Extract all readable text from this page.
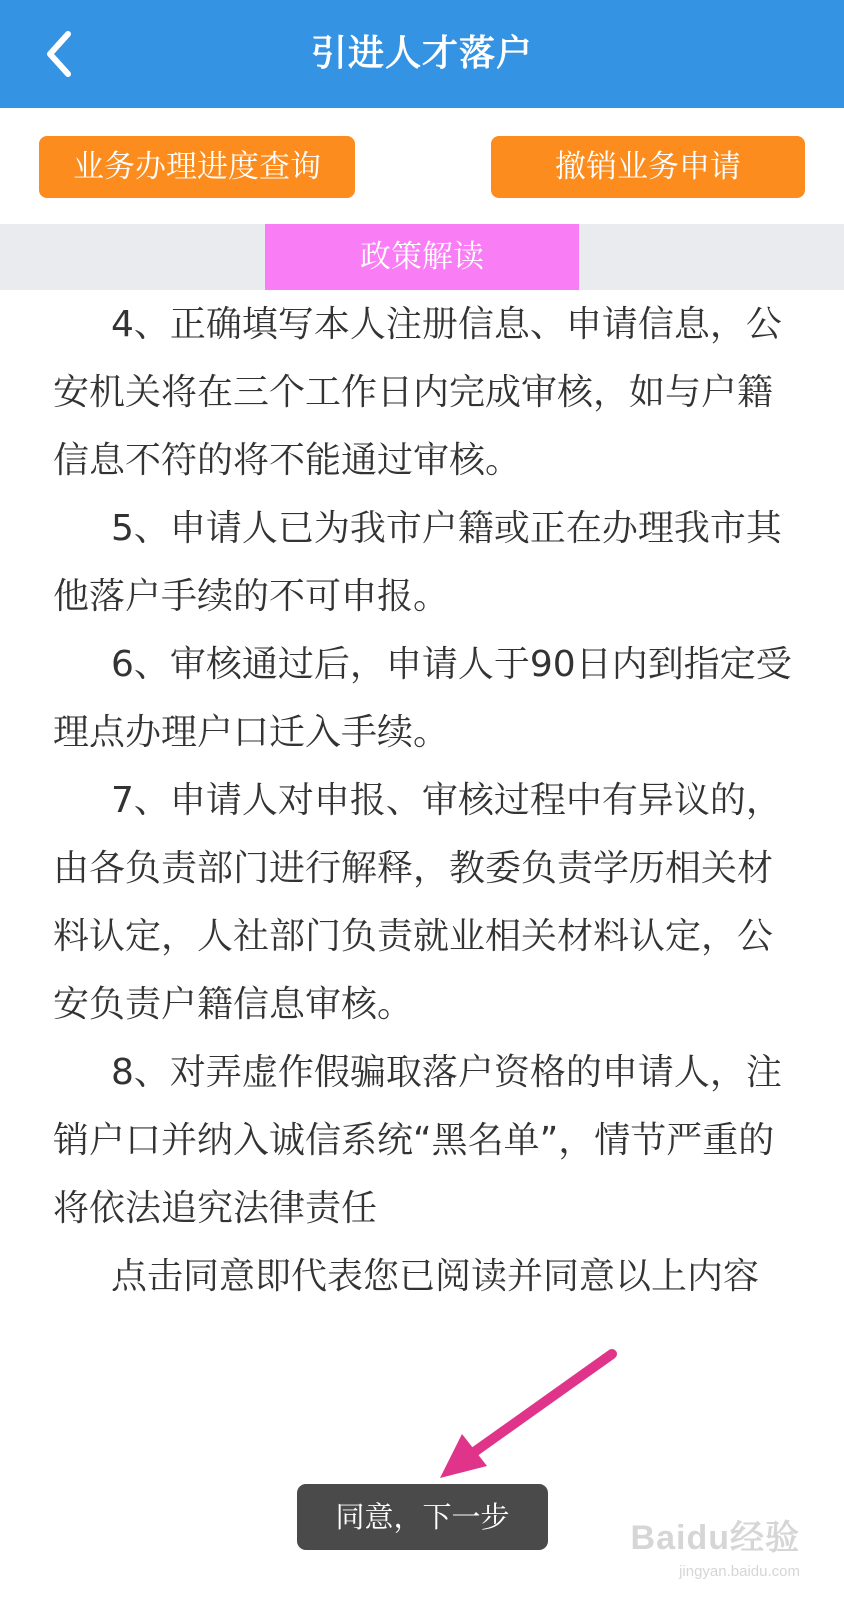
引进人才落户
业务办理进度查询	撤销业务申请
政策解读

4、正确填写本人注册信息、申请信息，公安机关将在三个工作日内完成审核，如与户籍信息不符的将不能通过审核。

5、申请人已为我市户籍或正在办理我市其他落户手续的不可申报。

6、审核通过后，申请人于90日内到指定受理点办理户口迁入手续。

7、申请人对申报、审核过程中有异议的，由各负责部门进行解释，教委负责学历相关材料认定，人社部门负责就业相关材料认定，公安负责户籍信息审核。

8、对弄虚作假骗取落户资格的申请人，注销户口并纳入诚信系统“黑名单”，情节严重的将依法追究法律责任

点击同意即代表您已阅读并同意以上内容

同意，下一步
Baidu经验
jingyan.baidu.com
